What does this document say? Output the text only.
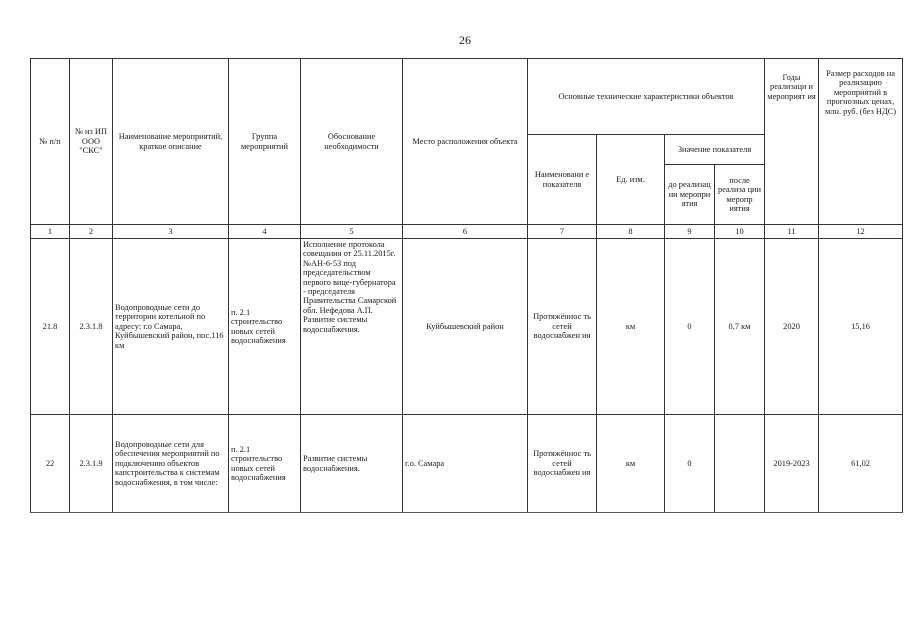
26
№ п/п	№ из ИП ООО "СКС"	Наименование мероприятий, краткое описание	Группа мероприятий	Обоснование необходимости	Место расположения объекта	Основные технические характеристики объектов				Годы реализаци и мероприят ия	Размер расходов на реализацию мероприятий в прогнозных ценах, млн. руб. (без НДС)
						Наименовани е показателя	Ед. изм.	Значение показателя			
								до реализац ии меропри ятия	после реализа ции меропр иятия		
1	2	3	4	5	6	7	8	9	10	11	12
21.8	2.3.1.8	Водопроводные сети до территории котельной по адресу: г.о Самара, Куйбышевский район, пос.116 км	п. 2.1 строительство новых сетей водоснабжения	Исполнение протокола совещания от 25.11.2015г. №АН-6-53 под председательством первого вице-губернатора - председателя Правительства Самарской обл. Нефедова А.П. Развитие системы водоснабжения.	Куйбышевский район	Протяжённос ть сетей водоснабжен ия	км	0	0,7 км	2020	15,16
22	2.3.1.9	Водопроводные сети для обеспечения мероприятий по подключению объектов капстроительства к системам водоснабжения, в том числе:	п. 2.1 строительство новых сетей водоснабжения	Развитие системы водоснабжения.	г.о. Самара	Протяжённос ть сетей водоснабжен ия	км	0		2019-2023	61,02
